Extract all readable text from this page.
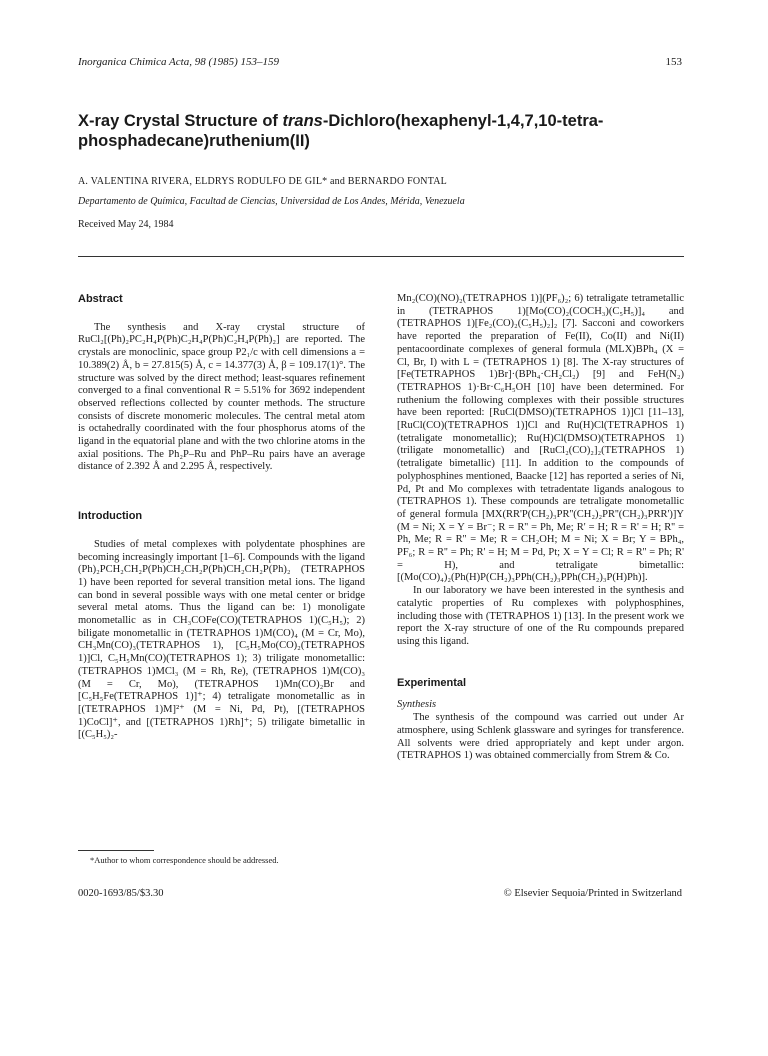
Inorganica Chimica Acta, 98 (1985) 153–159	153
X-ray Crystal Structure of trans-Dichloro(hexaphenyl-1,4,7,10-tetraphosphadecane)ruthenium(II)
A. VALENTINA RIVERA, ELDRYS RODULFO DE GIL* and BERNARDO FONTAL
Departamento de Química, Facultad de Ciencias, Universidad de Los Andes, Mérida, Venezuela
Received May 24, 1984
Abstract

The synthesis and X-ray crystal structure of RuCl₂[(Ph)₂PC₂H₄P(Ph)C₂H₄P(Ph)C₂H₄P(Ph)₂] are reported. The crystals are monoclinic, space group P2₁/c with cell dimensions a = 10.389(2) Å, b = 27.815(5) Å, c = 14.377(3) Å, β = 109.17(1)°. The structure was solved by the direct method; least-squares refinement converged to a final conventional R = 5.51% for 3692 independent observed reflections collected by counter methods. The structure consists of discrete monomeric molecules. The central metal atom is octahedrally coordinated with the four phosphorus atoms of the ligand in the equatorial plane and with the two chlorine atoms in the axial positions. The Ph₂P–Ru and PhP–Ru pairs have an average distance of 2.392 Å and 2.295 Å, respectively.

Introduction

Studies of metal complexes with polydentate phosphines are becoming increasingly important [1–6]. Compounds with the ligand (Ph)₂PCH₂CH₂P(Ph)CH₂CH₂P(Ph)CH₂CH₂P(Ph)₂ (TETRAPHOS 1) have been reported for several transition metal ions. The ligand can bond in several possible ways with one metal center or bridge several metal atoms. Thus the ligand can be: 1) monoligate monometallic as in CH₃COFe(CO)(TETRAPHOS 1)(C₅H₅); 2) biligate monometallic in (TETRAPHOS 1)M(CO)₄ (M = Cr, Mo), CH₃Mn(CO)₃(TETRAPHOS 1), [C₅H₅Mo(CO)₂(TETRAPHOS 1)]Cl, C₅H₅Mn(CO)(TETRAPHOS 1); 3) triligate monometallic: (TETRAPHOS 1)MCl₃ (M = Rh, Re), (TETRAPHOS 1)M(CO)₃ (M = Cr, Mo), (TETRAPHOS 1)Mn(CO)₂Br and [C₅H₅Fe(TETRAPHOS 1)]⁺; 4) tetraligate monometallic as in [(TETRAPHOS 1)M]²⁺ (M = Ni, Pd, Pt), [(TETRAPHOS 1)CoCl]⁺, and [(TETRAPHOS 1)Rh]⁺; 5) triligate bimetallic in [(C₅H₅)₂-

Mn₂(CO)(NO)₂(TETRAPHOS 1)](PF₆)₂; 6) tetraligate tetrametallic in (TETRAPHOS 1)[Mo(CO)₂(COCH₃)(C₅H₅)]₄ and (TETRAPHOS 1)[Fe₂(CO)₂(C₅H₅)₂]₂ [7]. Sacconi and coworkers have reported the preparation of Fe(II), Co(II) and Ni(II) pentacoordinate complexes of general formula (MLX)BPh₄ (X = Cl, Br, I) with L = (TETRAPHOS 1) [8]. The X-ray structures of [Fe(TETRAPHOS 1)Br]·(BPh₄·CH₂Cl₂) [9] and FeH(N₂)(TETRAPHOS 1)·Br·C₆H₅OH [10] have been determined. For ruthenium the following complexes with their possible structures have been reported: [RuCl(DMSO)(TETRAPHOS 1)]Cl [11–13], [RuCl(CO)(TETRAPHOS 1)]Cl and Ru(H)Cl(TETRAPHOS 1) (tetraligate monometallic); Ru(H)Cl(DMSO)(TETRAPHOS 1) (triligate monometallic) and [RuCl₂(CO)₂]₂(TETRAPHOS 1) (tetraligate bimetallic) [11]. In addition to the compounds of polyphosphines mentioned, Baacke [12] has reported a series of Ni, Pd, Pt and Mo complexes with tetradentate ligands analogous to (TETRAPHOS 1). These compounds are tetraligate monometallic of general formula [MX(RR'P(CH₂)₃PR''(CH₂)₂PR''(CH₂)₃PRR')]Y (M = Ni; X = Y = Br⁻; R = R'' = Ph, Me; R' = H; R = R' = H; R'' = Ph, Me; R = R'' = Me; R = CH₂OH; M = Ni; X = Br; Y = BPh₄, PF₆; R = R'' = Ph; R' = H; M = Pd, Pt; X = Y = Cl; R = R'' = Ph; R' = H), and tetraligate bimetallic: [(Mo(CO)₄)₂(Ph(H)P(CH₂)₃PPh(CH₂)₃PPh(CH₂)₃P(H)Ph)].

In our laboratory we have been interested in the synthesis and catalytic properties of Ru complexes with polyphosphines, including those with (TETRAPHOS 1) [13]. In the present work we report the X-ray structure of one of the Ru compounds prepared using this ligand.

Experimental
Synthesis

The synthesis of the compound was carried out under Ar atmosphere, using Schlenk glassware and syringes for transference. All solvents were dried appropriately and kept under argon. (TETRAPHOS 1) was obtained commercially from Strem & Co.

*Author to whom correspondence should be addressed.
0020-1693/85/$3.30	© Elsevier Sequoia/Printed in Switzerland
